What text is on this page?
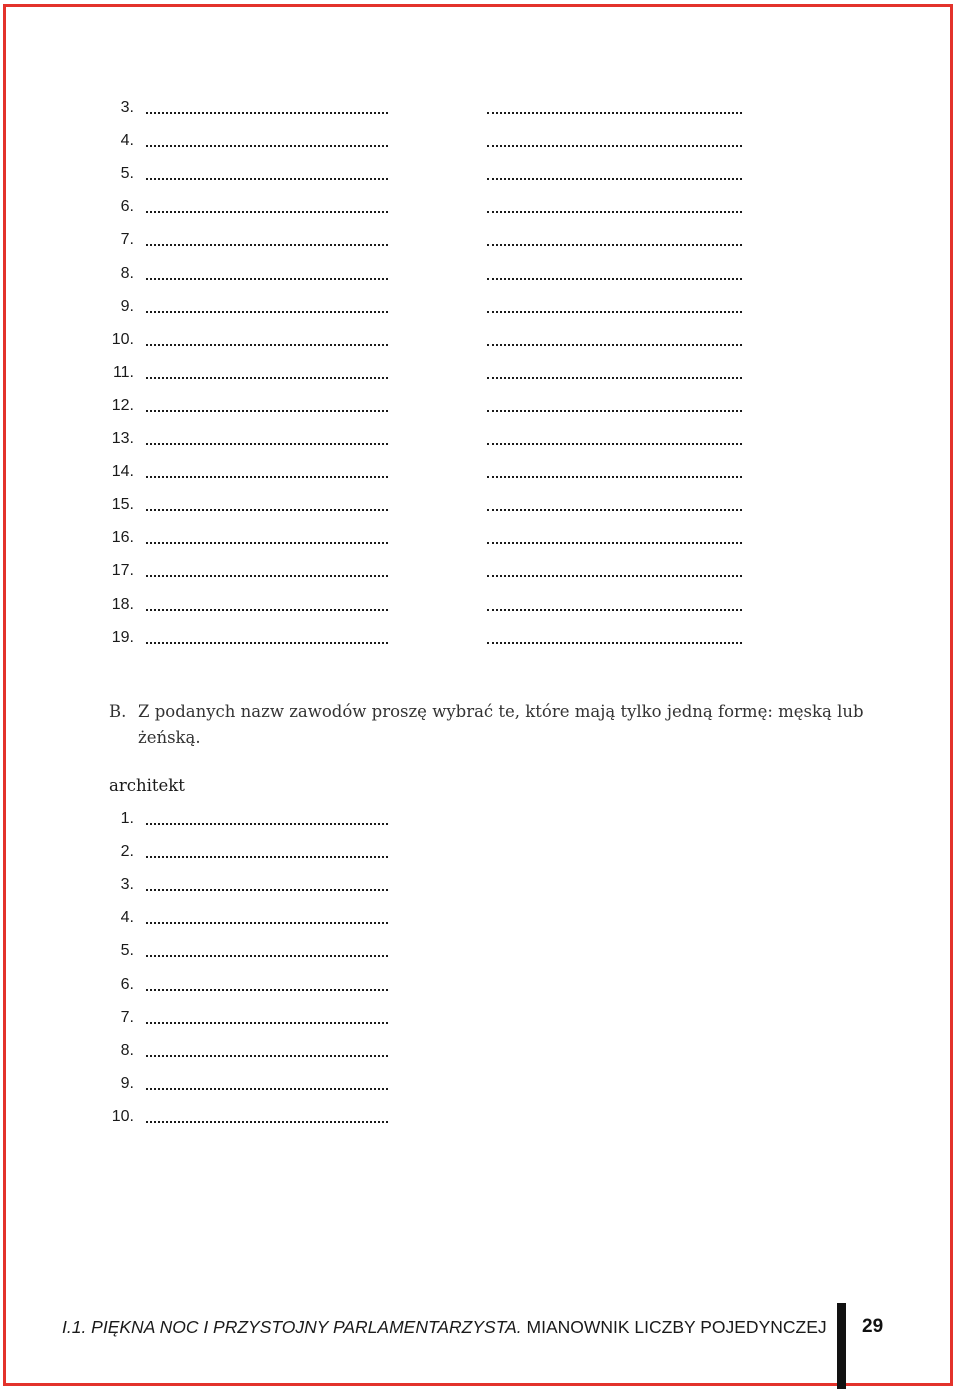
3.
4.
5.
6.
7.
8.
9.
10.
11.
12.
13.
14.
15.
16.
17.
18.
19.
B. Z podanych nazw zawodów proszę wybrać te, które mają tylko jedną formę: męską lub żeńską.
architekt
1.
2.
3.
4.
5.
6.
7.
8.
9.
10.
I.1. PIĘKNA NOC I PRZYSTOJNY PARLAMENTARZYSTA. MIANOWNIK LICZBY POJEDYNCZEJ 29
